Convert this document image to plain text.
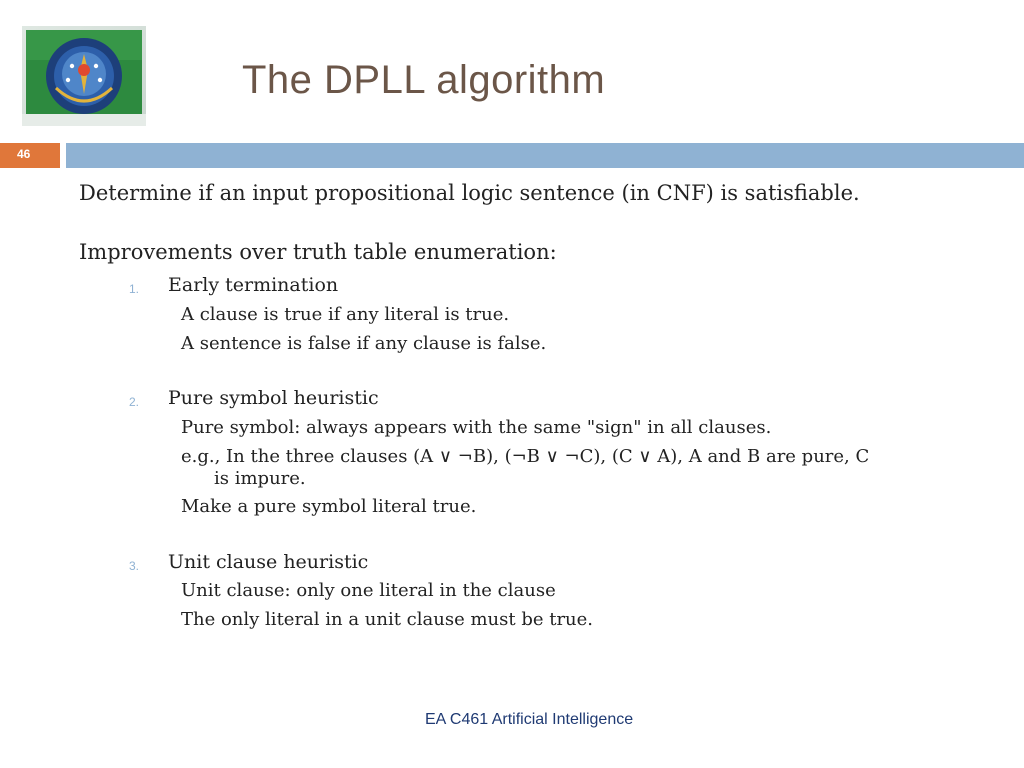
The DPLL algorithm
46
Determine if an input propositional logic sentence (in CNF) is satisfiable.
Improvements over truth table enumeration:
1. Early termination
A clause is true if any literal is true.
A sentence is false if any clause is false.
2. Pure symbol heuristic
Pure symbol: always appears with the same "sign" in all clauses.
e.g., In the three clauses (A ∨ ¬B), (¬B ∨ ¬C), (C ∨ A), A and B are pure, C
is impure.
Make a pure symbol literal true.
3. Unit clause heuristic
Unit clause: only one literal in the clause
The only literal in a unit clause must be true.
EA C461 Artificial Intelligence
